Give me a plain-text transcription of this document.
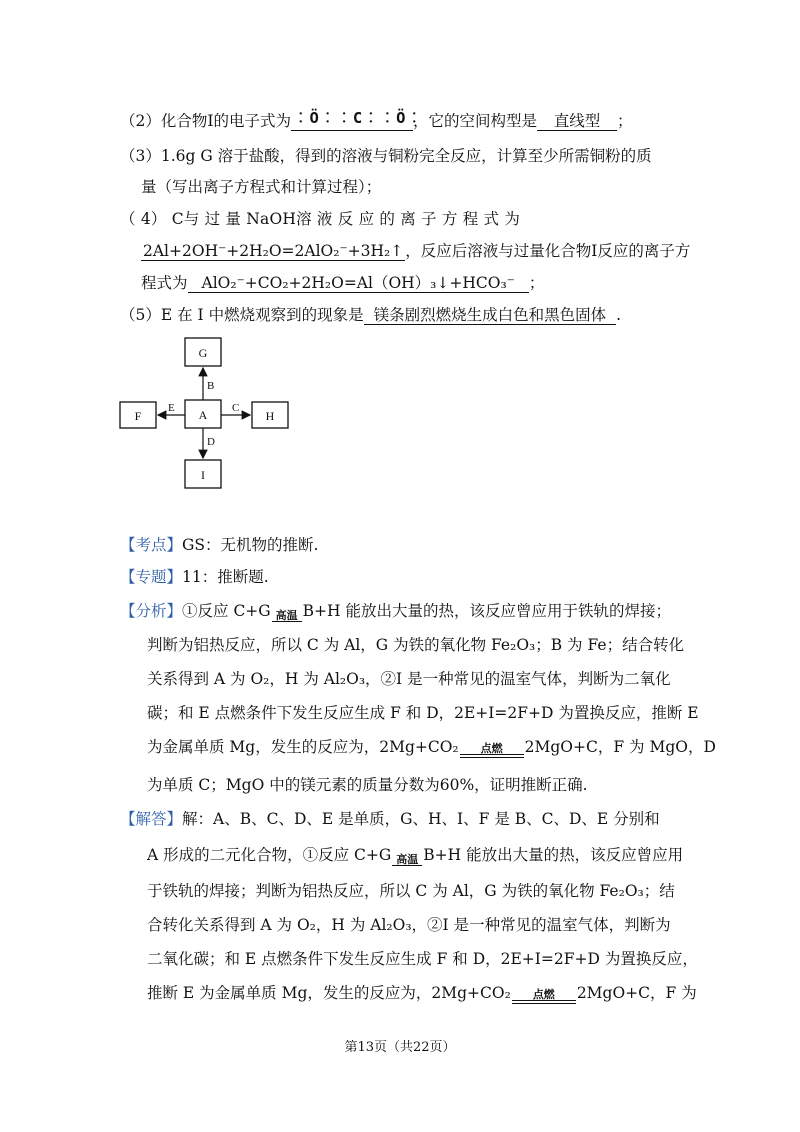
（2）化合物I的电子式为 ︰Ö︰︰C︰︰Ö︰，它的空间构型是 直线型 ；
（3）1.6g G 溶于盐酸，得到的溶液与铜粉完全反应，计算至少所需铜粉的质
量（写出离子方程式和计算过程）；
（ 4） C与 过 量 NaOH溶 液 反 应 的 离 子 方 程 式 为
2Al+2OH⁻+2H₂O=2AlO₂⁻+3H₂↑ ，反应后溶液与过量化合物I反应的离子方
程式为 AlO₂⁻+CO₂+2H₂O=Al（OH）₃↓+HCO₃⁻ ；
（5）E 在 I 中燃烧观察到的现象是 镁条剧烈燃烧生成白色和黑色固体 .
G
A
I
F	H
B
D
E	C
【考点】GS：无机物的推断.
【专题】11：推断题.
【分析】①反应 C+G 高温 B+H 能放出大量的热，该反应曾应用于铁轨的焊接；
判断为铝热反应，所以 C 为 Al，G 为铁的氧化物 Fe₂O₃；B 为 Fe；结合转化
关系得到 A 为 O₂，H 为 Al₂O₃，②I 是一种常见的温室气体，判断为二氧化
碳；和 E 点燃条件下发生反应生成 F 和 D，2E+I=2F+D 为置换反应，推断 E
为金属单质 Mg，发生的反应为，2Mg+CO₂	点燃	2MgO+C，F 为 MgO，D
为单质 C；MgO 中的镁元素的质量分数为60%，证明推断正确.
【解答】解：A、B、C、D、E 是单质，G、H、I、F 是 B、C、D、E 分别和
A 形成的二元化合物，①反应 C+G 高温 B+H 能放出大量的热，该反应曾应用
于铁轨的焊接；判断为铝热反应，所以 C 为 Al，G 为铁的氧化物 Fe₂O₃；结
合转化关系得到 A 为 O₂，H 为 Al₂O₃，②I 是一种常见的温室气体，判断为
二氧化碳；和 E 点燃条件下发生反应生成 F 和 D，2E+I=2F+D 为置换反应，
推断 E 为金属单质 Mg，发生的反应为，2Mg+CO₂	点燃	2MgO+C，F 为
第13页（共22页）
